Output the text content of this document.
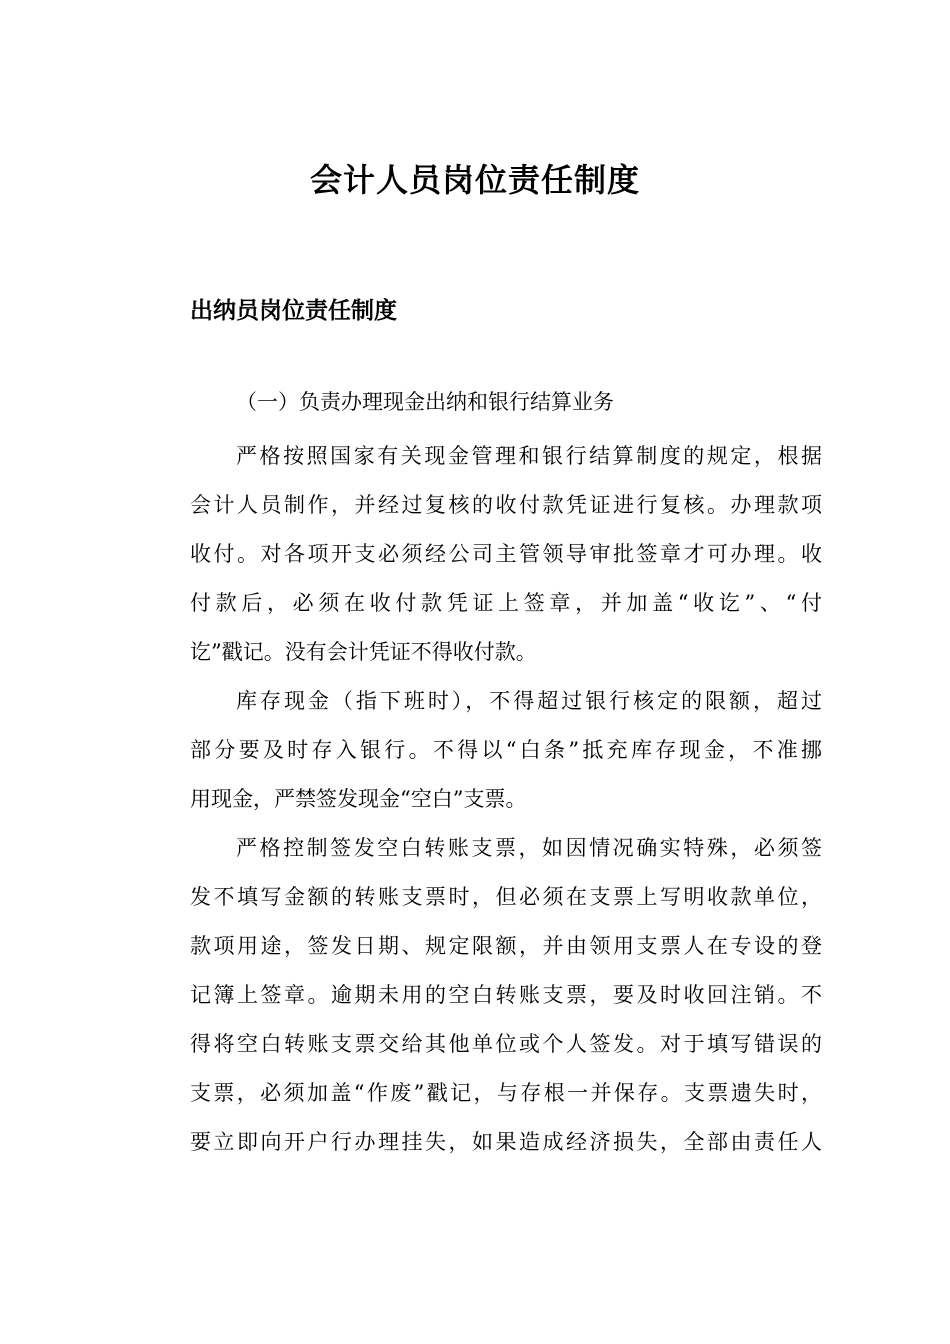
会计人员岗位责任制度
出纳员岗位责任制度
（一）负责办理现金出纳和银行结算业务
严格按照国家有关现金管理和银行结算制度的规定，根据
会计人员制作，并经过复核的收付款凭证进行复核。办理款项
收付。对各项开支必须经公司主管领导审批签章才可办理。收
付款后，必须在收付款凭证上签章，并加盖“收讫”、“付
讫”戳记。没有会计凭证不得收付款。
库存现金（指下班时），不得超过银行核定的限额，超过
部分要及时存入银行。不得以“白条”抵充库存现金，不准挪
用现金，严禁签发现金“空白”支票。
严格控制签发空白转账支票，如因情况确实特殊，必须签
发不填写金额的转账支票时，但必须在支票上写明收款单位，
款项用途，签发日期、规定限额，并由领用支票人在专设的登
记簿上签章。逾期未用的空白转账支票，要及时收回注销。不
得将空白转账支票交给其他单位或个人签发。对于填写错误的
支票，必须加盖“作废”戳记，与存根一并保存。支票遗失时，
要立即向开户行办理挂失，如果造成经济损失，全部由责任人
